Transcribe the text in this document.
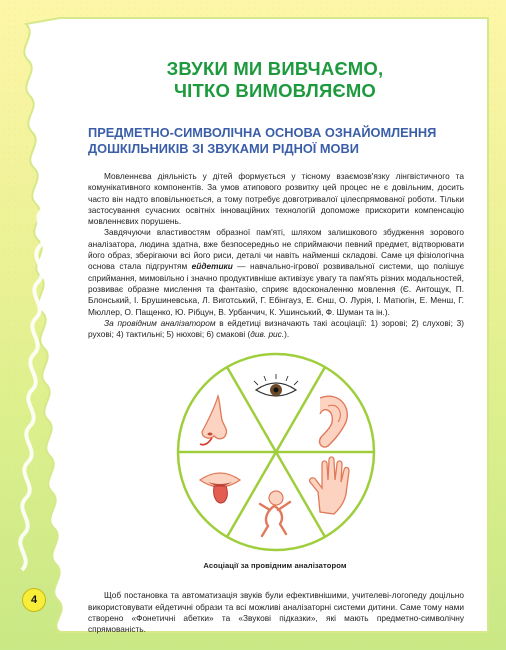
ЗВУКИ МИ ВИВЧАЄМО,
ЧІТКО ВИМОВЛЯЄМО
ПРЕДМЕТНО-СИМВОЛІЧНА ОСНОВА ОЗНАЙОМЛЕННЯ
ДОШКІЛЬНИКІВ ЗІ ЗВУКАМИ РІДНОЇ МОВИ

Мовленнєва діяльність у дітей формується у тісному взаємозв'язку лінгвістичного та комунікативного компонентів. За умов атипового розвитку цей процес не є довільним, досить часто він надто вповільнюється, а тому потребує довготривалої цілеспрямованої роботи. Тільки застосування сучасних освітніх інноваційних технологій допоможе прискорити компенсацію мовленнєвих порушень.

Завдячуючи властивостям образної пам'яті, шляхом залишкового збудження зорового аналізатора, людина здатна, вже безпосередньо не сприймаючи певний предмет, відтворювати його образ, зберігаючи всі його риси, деталі чи навіть найменші складові. Саме ця фізіологічна основа стала підгрунтям ейдетики — навчально-ігрової розвивальної системи, що полішує сприймання, мимовільно і значно продуктивніше активізує увагу та пам'ять різних модальностей, розвиває образне мислення та фантазію, сприяє вдосконаленню мовлення (Є. Антощук, П. Блонський, І. Брушиневська, Л. Виготський, Г. Ебінгауз, Е. Єнш, О. Лурія, І. Матюгін, Е. Менш, Г. Мюллер, О. Пащенко, Ю. Рібцун, В. Урбанчич, К. Ушинський, Ф. Шуман та ін.).

За провідним аналізатором в ейдетиці визначають такі асоціації: 1) зорові; 2) слухові; 3) рухові; 4) тактильні; 5) нюхові; 6) смакові (див. рис.).

Асоціації за провідним аналізатором

Щоб постановка та автоматизація звуків були ефективнішими, учителеві-логопеду доцільно використовувати ейдетичні образи та всі можливі аналізаторні системи дитини. Саме тому нами створено «Фонетичні абетки» та «Звукові підказки», які мають предметно-символічну спрямованість.

4
